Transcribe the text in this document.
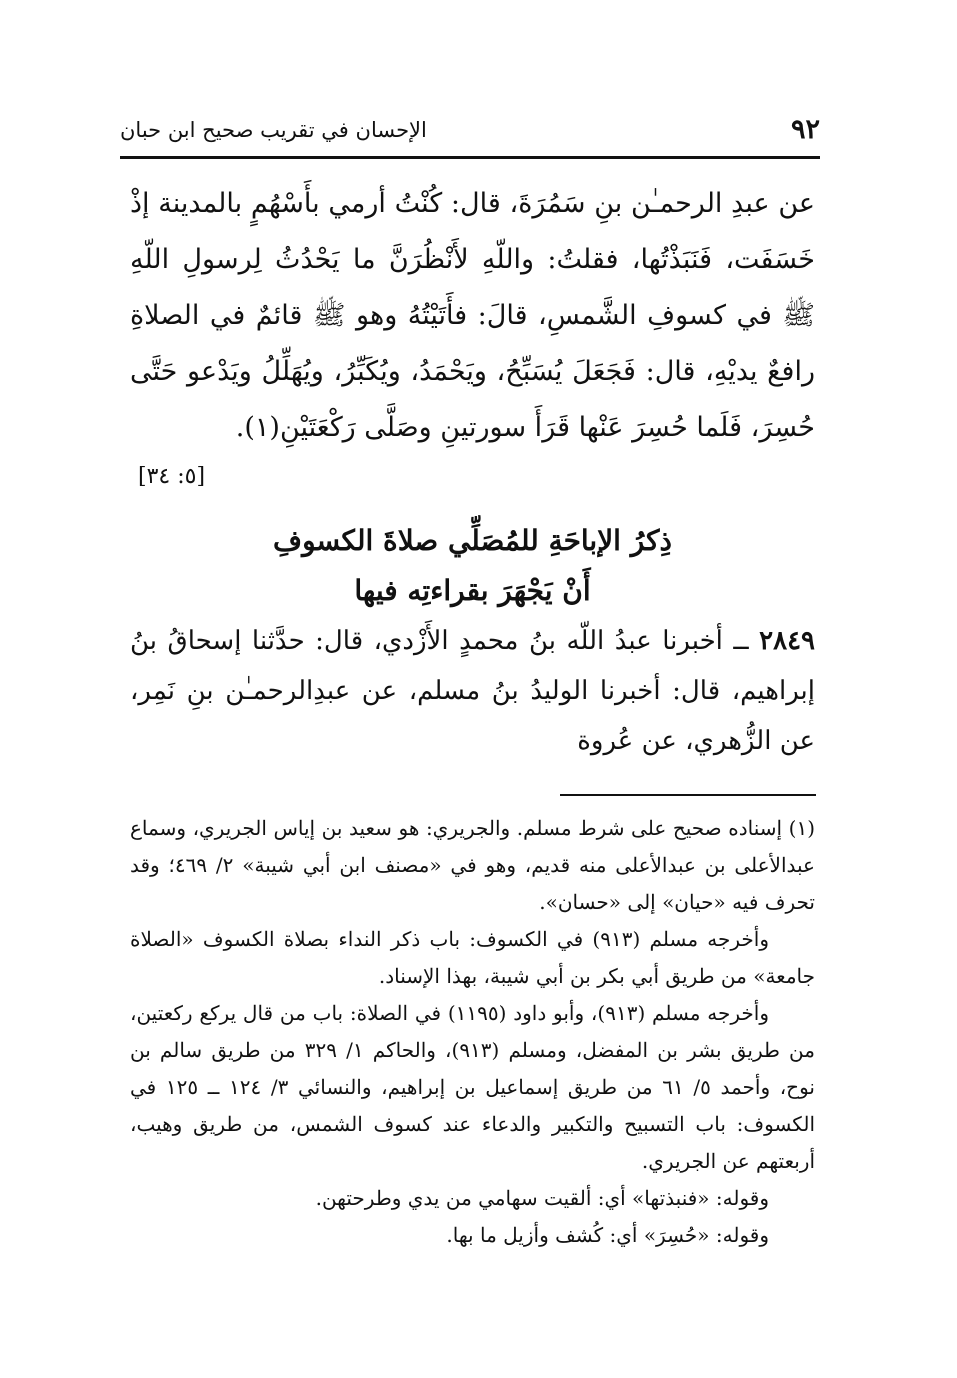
٩٢
الإحسان في تقريب صحيح ابن حبان

عن عبدِ الرحمـٰن بنِ سَمُرَةَ، قال: كُنْتُ أرمي بأَسْهُمٍ بالمدينة إذْ خَسَفَت، فَنَبَذْتُها، فقلتُ: واللّهِ لأَنْظُرَنَّ ما يَحْدُثُ لِرسولِ اللّهِ ﷺ في كسوفِ الشَّمسِ، قالَ: فأَتَيْتُهُ وهو ﷺ قائمٌ في الصلاةِ رافعٌ يديْهِ، قال: فَجَعَلَ يُسَبِّحُ، ويَحْمَدُ، ويُكَبِّرُ، ويُهَلِّلُ ويَدْعو حَتَّى حُسِرَ، فَلَما حُسِرَ عَنْها قَرَأَ سورتينِ وصَلَّى رَكْعَتَيْنِ(١).

[٥: ٣٤]
ذِكرُ الإباحَةِ للمُصَلِّي صلاةَ الكسوفِ
أَنْ يَجْهَرَ بقراءتِه فيها

٢٨٤٩ ــ أخبرنا عبدُ اللّه بنُ محمدٍ الأَزْدي، قال: حدَّثنا إسحاقُ بنُ إبراهيم، قال: أخبرنا الوليدُ بنُ مسلم، عن عبدِالرحمـٰن بنِ نَمِر، عن الزُّهري، عن عُروة

(١) إسناده صحيح على شرط مسلم. والجريري: هو سعيد بن إياس الجريري، وسماع عبدالأعلى بن عبدالأعلى منه قديم، وهو في «مصنف ابن أبي شيبة» ٢/ ٤٦٩؛ وقد تحرف فيه «حيان» إلى «حسان».

وأخرجه مسلم (٩١٣) في الكسوف: باب ذكر النداء بصلاة الكسوف «الصلاة جامعة» من طريق أبي بكر بن أبي شيبة، بهذا الإسناد.

وأخرجه مسلم (٩١٣)، وأبو داود (١١٩٥) في الصلاة: باب من قال يركع ركعتين، من طريق بشر بن المفضل، ومسلم (٩١٣)، والحاكم ١/ ٣٢٩ من طريق سالم بن نوح، وأحمد ٥/ ٦١ من طريق إسماعيل بن إبراهيم، والنسائي ٣/ ١٢٤ ــ ١٢٥ في الكسوف: باب التسبيح والتكبير والدعاء عند كسوف الشمس، من طريق وهيب، أربعتهم عن الجريري.

وقوله: «فنبذتها» أي: ألقيت سهامي من يدي وطرحتهن.

وقوله: «حُسِرَ» أي: كُشف وأزيل ما بها.
